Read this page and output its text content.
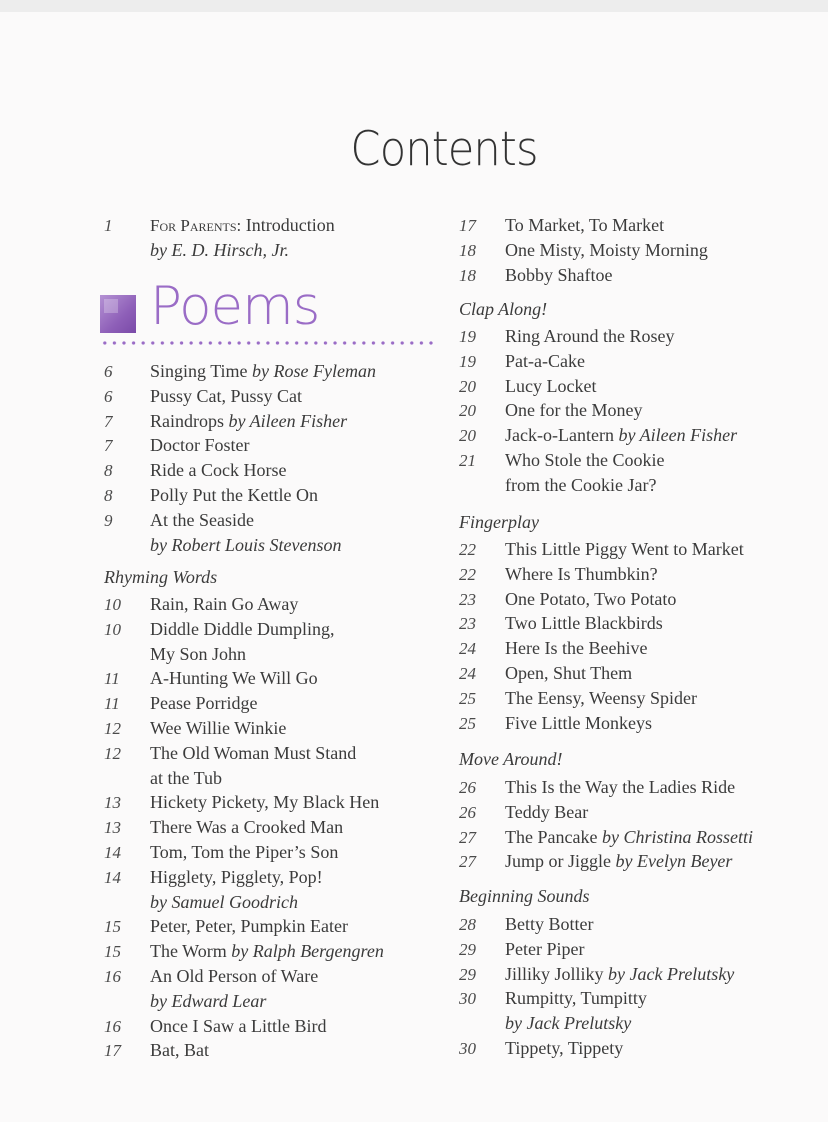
Contents
1	For Parents: Introduction
by E. D. Hirsch, Jr.
6	Singing Time by Rose Fyleman
6	Pussy Cat, Pussy Cat
7	Raindrops by Aileen Fisher
7	Doctor Foster
8	Ride a Cock Horse
8	Polly Put the Kettle On
9	At the Seaside
by Robert Louis Stevenson
Rhyming Words
10	Rain, Rain Go Away
10	Diddle Diddle Dumpling,
My Son John
11	A-Hunting We Will Go
11	Pease Porridge
12	Wee Willie Winkie
12	The Old Woman Must Stand
at the Tub
13	Hickety Pickety, My Black Hen
13	There Was a Crooked Man
14	Tom, Tom the Piper’s Son
14	Higglety, Pigglety, Pop!
by Samuel Goodrich
15	Peter, Peter, Pumpkin Eater
15	The Worm by Ralph Bergengren
16	An Old Person of Ware
by Edward Lear
16	Once I Saw a Little Bird
17	Bat, Bat
17	To Market, To Market
18	One Misty, Moisty Morning
18	Bobby Shaftoe
Clap Along!
19	Ring Around the Rosey
19	Pat-a-Cake
20	Lucy Locket
20	One for the Money
20	Jack-o-Lantern by Aileen Fisher
21	Who Stole the Cookie
from the Cookie Jar?
Fingerplay
22	This Little Piggy Went to Market
22	Where Is Thumbkin?
23	One Potato, Two Potato
23	Two Little Blackbirds
24	Here Is the Beehive
24	Open, Shut Them
25	The Eensy, Weensy Spider
25	Five Little Monkeys
Move Around!
26	This Is the Way the Ladies Ride
26	Teddy Bear
27	The Pancake by Christina Rossetti
27	Jump or Jiggle by Evelyn Beyer
Beginning Sounds
28	Betty Botter
29	Peter Piper
29	Jilliky Jolliky by Jack Prelutsky
30	Rumpitty, Tumpitty
by Jack Prelutsky
30	Tippety, Tippety
Poems
